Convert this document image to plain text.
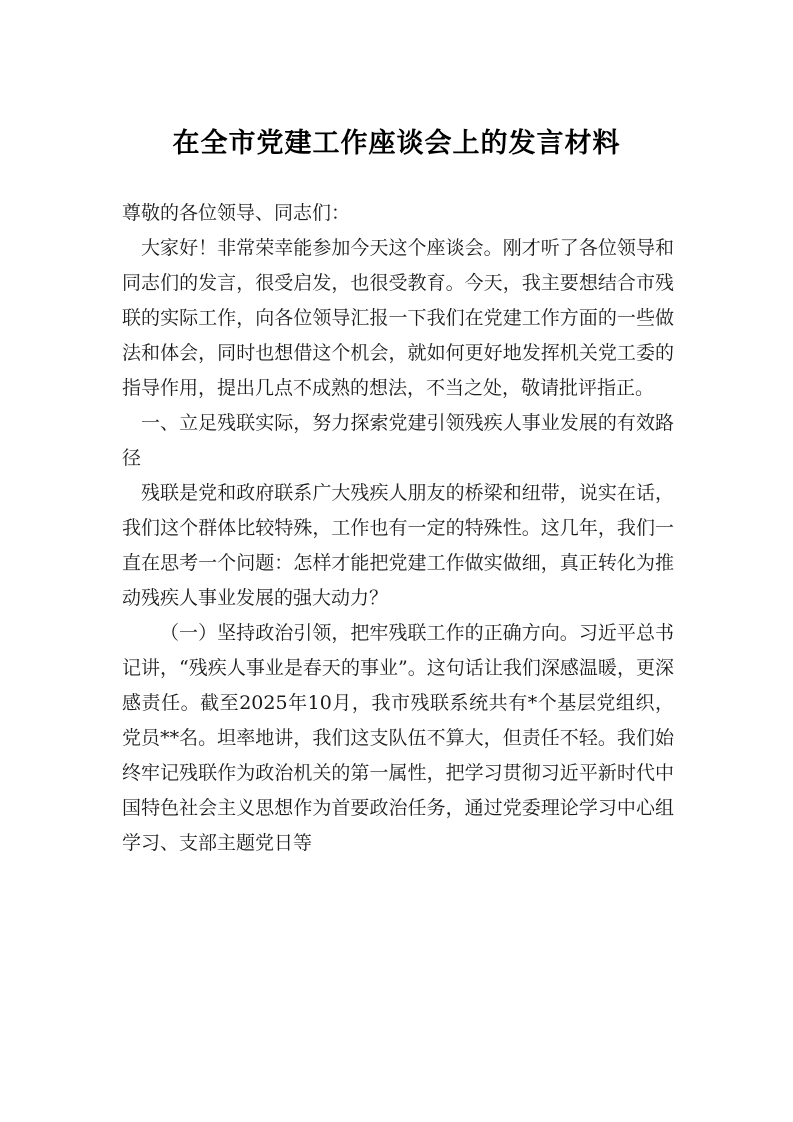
在全市党建工作座谈会上的发言材料

尊敬的各位领导、同志们：

大家好！非常荣幸能参加今天这个座谈会。刚才听了各位领导和同志们的发言，很受启发，也很受教育。今天，我主要想结合市残联的实际工作，向各位领导汇报一下我们在党建工作方面的一些做法和体会，同时也想借这个机会，就如何更好地发挥机关党工委的指导作用，提出几点不成熟的想法，不当之处，敬请批评指正。

一、立足残联实际，努力探索党建引领残疾人事业发展的有效路径

残联是党和政府联系广大残疾人朋友的桥梁和纽带，说实在话，我们这个群体比较特殊，工作也有一定的特殊性。这几年，我们一直在思考一个问题：怎样才能把党建工作做实做细，真正转化为推动残疾人事业发展的强大动力？

（一）坚持政治引领，把牢残联工作的正确方向。习近平总书记讲，“残疾人事业是春天的事业”。这句话让我们深感温暖，更深感责任。截至2025年10月，我市残联系统共有*个基层党组织，党员**名。坦率地讲，我们这支队伍不算大，但责任不轻。我们始终牢记残联作为政治机关的第一属性，把学习贯彻习近平新时代中国特色社会主义思想作为首要政治任务，通过党委理论学习中心组学习、支部主题党日等
